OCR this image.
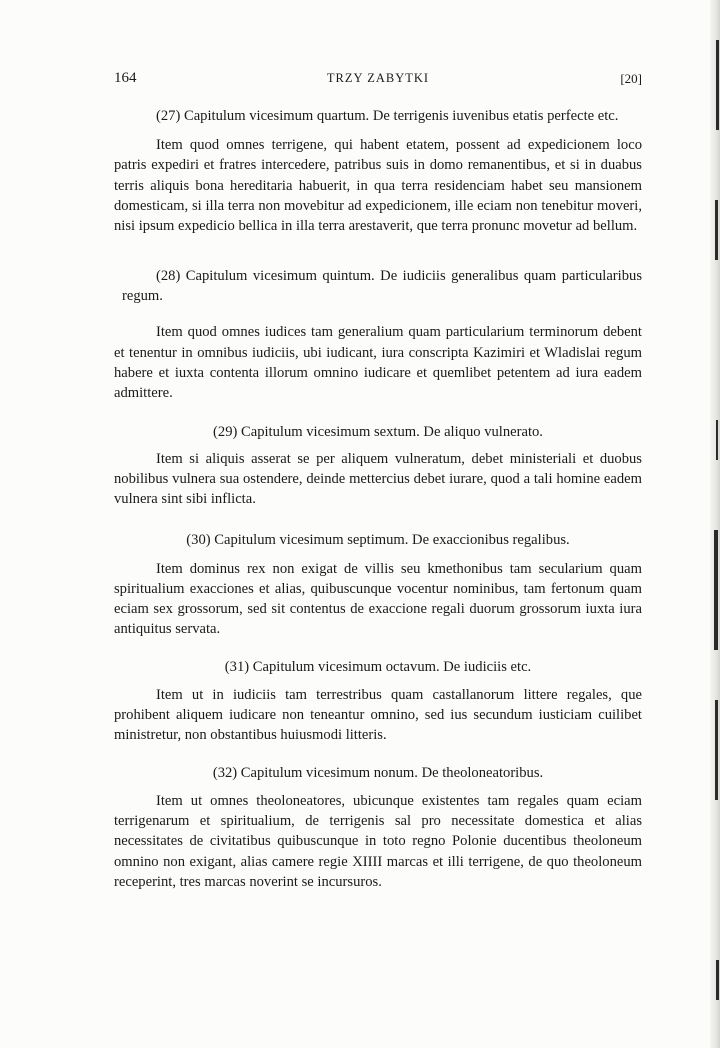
164	TRZY ZABYTKI	[20]

(27) Capitulum vicesimum quartum. De terrigenis iuvenibus etatis perfecte etc.

Item quod omnes terrigene, qui habent etatem, possent ad expedicionem loco patris expediri et fratres intercedere, patribus suis in domo remanentibus, et si in duabus terris aliquis bona hereditaria habuerit, in qua terra residenciam habet seu mansionem domesticam, si illa terra non movebitur ad expedicionem, ille eciam non tenebitur moveri, nisi ipsum expedicio bellica in illa terra arestaverit, que terra pronunc movetur ad bellum.

(28) Capitulum vicesimum quintum. De iudiciis generalibus quam particularibus regum.

Item quod omnes iudices tam generalium quam particularium terminorum debent et tenentur in omnibus iudiciis, ubi iudicant, iura conscripta Kazimiri et Wladislai regum habere et iuxta contenta illorum omnino iudicare et quemlibet petentem ad iura eadem admittere.

(29) Capitulum vicesimum sextum. De aliquo vulnerato.

Item si aliquis asserat se per aliquem vulneratum, debet ministeriali et duobus nobilibus vulnera sua ostendere, deinde mettercius debet iurare, quod a tali homine eadem vulnera sint sibi inflicta.

(30) Capitulum vicesimum septimum. De exaccionibus regalibus.

Item dominus rex non exigat de villis seu kmethonibus tam secularium quam spiritualium exacciones et alias, quibuscunque vocentur nominibus, tam fertonum quam eciam sex grossorum, sed sit contentus de exaccione regali duorum grossorum iuxta iura antiquitus servata.

(31) Capitulum vicesimum octavum. De iudiciis etc.

Item ut in iudiciis tam terrestribus quam castallanorum littere regales, que prohibent aliquem iudicare non teneantur omnino, sed ius secundum iusticiam cuilibet ministretur, non obstantibus huiusmodi litteris.

(32) Capitulum vicesimum nonum. De theoloneatoribus.

Item ut omnes theoloneatores, ubicunque existentes tam regales quam eciam terrigenarum et spiritualium, de terrigenis sal pro necessitate domestica et alias necessitates de civitatibus quibuscunque in toto regno Polonie ducentibus theoloneum omnino non exigant, alias camere regie XIIII marcas et illi terrigene, de quo theoloneum receperint, tres marcas noverint se incursuros.
